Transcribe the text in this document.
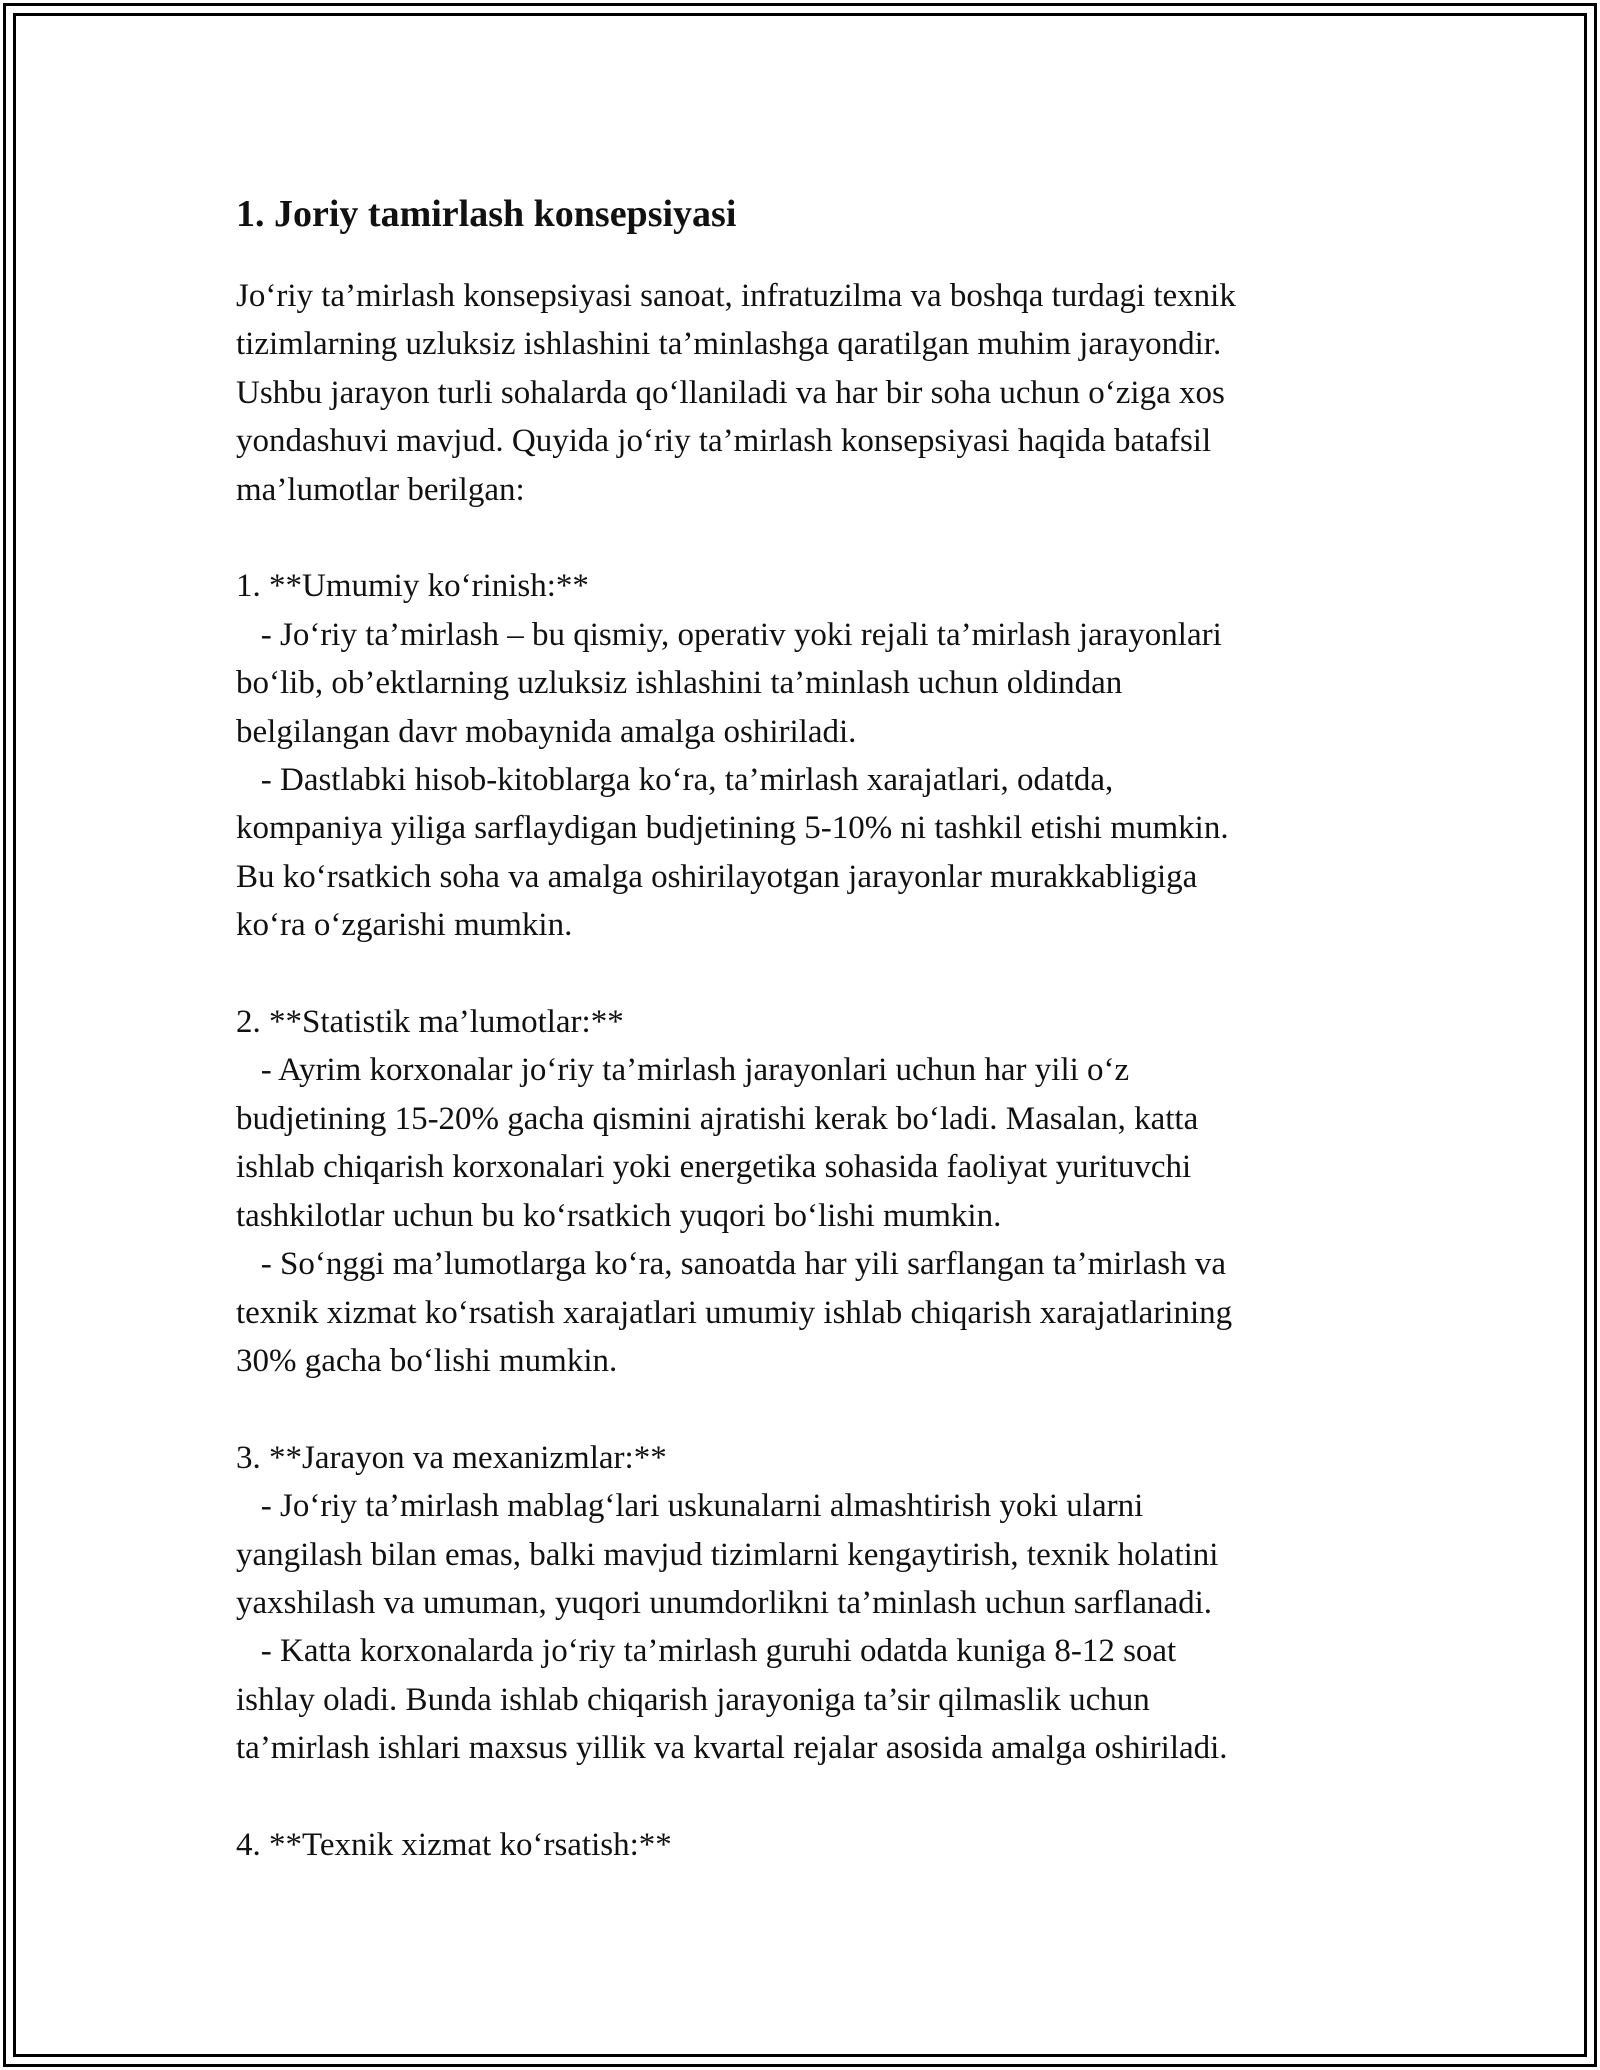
1. Joriy tamirlash konsepsiyasi

Jo‘riy ta’mirlash konsepsiyasi sanoat, infratuzilma va boshqa turdagi texnik
tizimlarning uzluksiz ishlashini ta’minlashga qaratilgan muhim jarayondir.
Ushbu jarayon turli sohalarda qo‘llaniladi va har bir soha uchun o‘ziga xos
yondashuvi mavjud. Quyida jo‘riy ta’mirlash konsepsiyasi haqida batafsil
ma’lumotlar berilgan:

1. **Umumiy ko‘rinish:**
- Jo‘riy ta’mirlash – bu qismiy, operativ yoki rejali ta’mirlash jarayonlari
bo‘lib, ob’ektlarning uzluksiz ishlashini ta’minlash uchun oldindan
belgilangan davr mobaynida amalga oshiriladi.
- Dastlabki hisob-kitoblarga ko‘ra, ta’mirlash xarajatlari, odatda,
kompaniya yiliga sarflaydigan budjetining 5-10% ni tashkil etishi mumkin.
Bu ko‘rsatkich soha va amalga oshirilayotgan jarayonlar murakkabligiga
ko‘ra o‘zgarishi mumkin.

2. **Statistik ma’lumotlar:**
- Ayrim korxonalar jo‘riy ta’mirlash jarayonlari uchun har yili o‘z
budjetining 15-20% gacha qismini ajratishi kerak bo‘ladi. Masalan, katta
ishlab chiqarish korxonalari yoki energetika sohasida faoliyat yurituvchi
tashkilotlar uchun bu ko‘rsatkich yuqori bo‘lishi mumkin.
- So‘nggi ma’lumotlarga ko‘ra, sanoatda har yili sarflangan ta’mirlash va
texnik xizmat ko‘rsatish xarajatlari umumiy ishlab chiqarish xarajatlarining
30% gacha bo‘lishi mumkin.

3. **Jarayon va mexanizmlar:**
- Jo‘riy ta’mirlash mablag‘lari uskunalarni almashtirish yoki ularni
yangilash bilan emas, balki mavjud tizimlarni kengaytirish, texnik holatini
yaxshilash va umuman, yuqori unumdorlikni ta’minlash uchun sarflanadi.
- Katta korxonalarda jo‘riy ta’mirlash guruhi odatda kuniga 8-12 soat
ishlay oladi. Bunda ishlab chiqarish jarayoniga ta’sir qilmaslik uchun
ta’mirlash ishlari maxsus yillik va kvartal rejalar asosida amalga oshiriladi.

4. **Texnik xizmat ko‘rsatish:**
